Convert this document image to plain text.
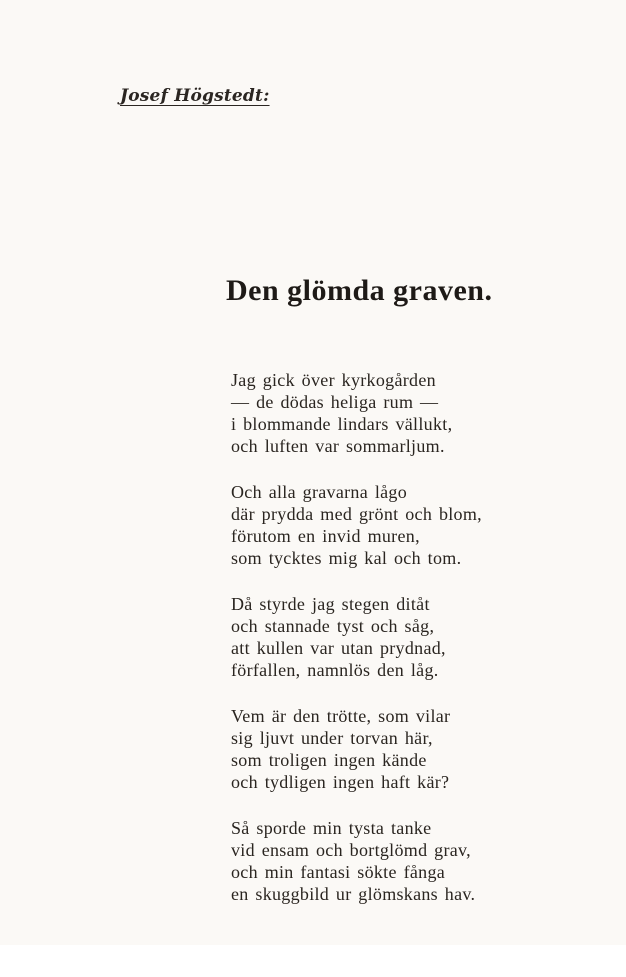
Josef Högstedt:
Den glömda graven.
Jag gick över kyrkogården
— de dödas heliga rum —
i blommande lindars vällukt,
och luften var sommarljum.
Och alla gravarna lågo
där prydda med grönt och blom,
förutom en invid muren,
som tycktes mig kal och tom.
Då styrde jag stegen ditåt
och stannade tyst och såg,
att kullen var utan prydnad,
förfallen, namnlös den låg.
Vem är den trötte, som vilar
sig ljuvt under torvan här,
som troligen ingen kände
och tydligen ingen haft kär?
Så sporde min tysta tanke
vid ensam och bortglömd grav,
och min fantasi sökte fånga
en skuggbild ur glömskans hav.
